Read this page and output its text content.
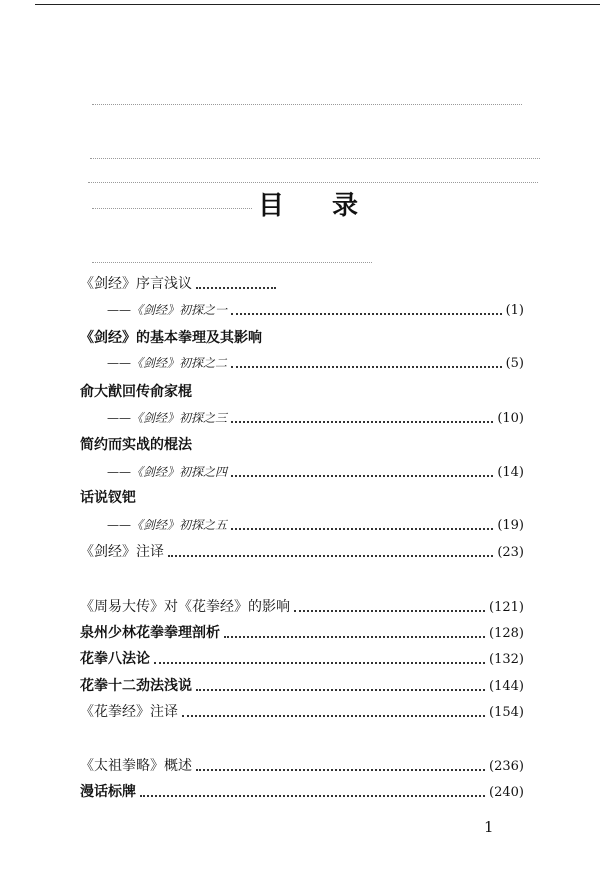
目 录
《剑经》序言浅议
——《剑经》初探之一	(1)
《剑经》的基本拳理及其影响
——《剑经》初探之二	(5)
俞大猷回传俞家棍
——《剑经》初探之三	(10)
简约而实战的棍法
——《剑经》初探之四	(14)
话说钗钯
——《剑经》初探之五	(19)
《剑经》注译	(23)
《周易大传》对《花拳经》的影响	(121)
泉州少林花拳拳理剖析	(128)
花拳八法论	(132)
花拳十二劲法浅说	(144)
《花拳经》注译	(154)
《太祖拳略》概述	(236)
漫话标牌	(240)
1
